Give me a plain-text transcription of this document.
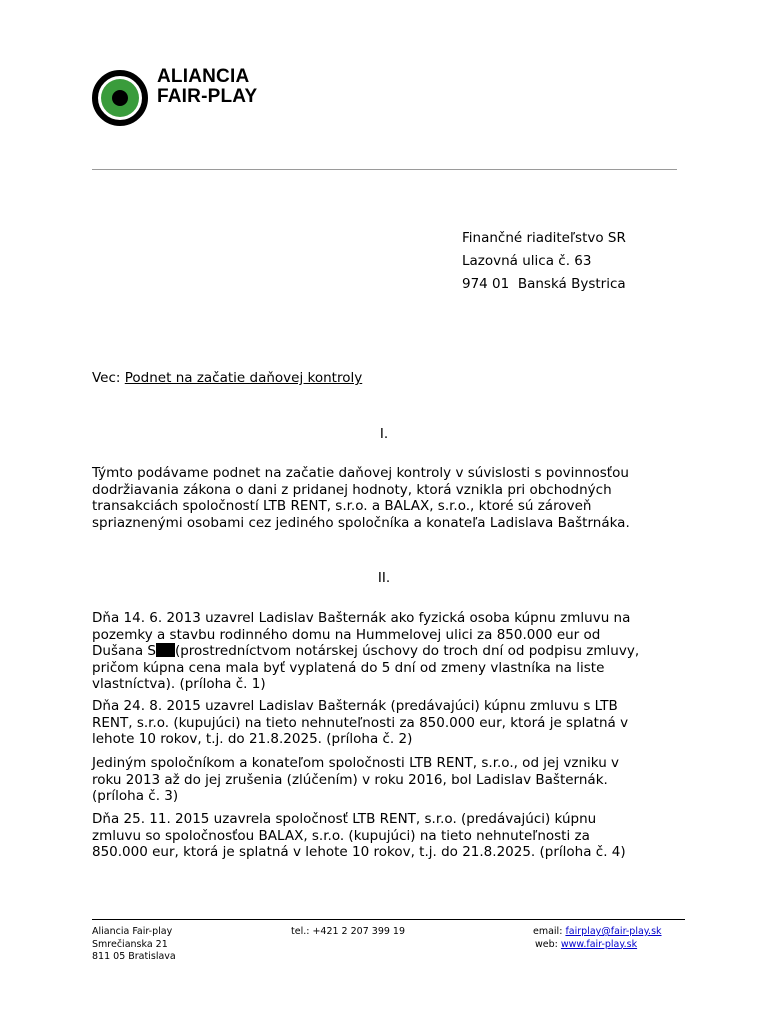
ALIANCIA
FAIR-PLAY
Finančné riaditeľstvo SR
Lazovná ulica č. 63
974 01  Banská Bystrica
Vec: Podnet na začatie daňovej kontroly
I.
Týmto podávame podnet na začatie daňovej kontroly v súvislosti s povinnosťou
dodržiavania zákona o dani z pridanej hodnoty, ktorá vznikla pri obchodných
transakciách spoločností LTB RENT, s.r.o. a BALAX, s.r.o., ktoré sú zároveň
spriaznenými osobami cez jediného spoločníka a konateľa Ladislava Baštrnáka.
II.
Dňa 14. 6. 2013 uzavrel Ladislav Bašternák ako fyzická osoba kúpnu zmluvu na
pozemky a stavbu rodinného domu na Hummelovej ulici za 850.000 eur od
Dušana S (prostredníctvom notárskej úschovy do troch dní od podpisu zmluvy,
pričom kúpna cena mala byť vyplatená do 5 dní od zmeny vlastníka na liste
vlastníctva). (príloha č. 1)
Dňa 24. 8. 2015 uzavrel Ladislav Bašternák (predávajúci) kúpnu zmluvu s LTB
RENT, s.r.o. (kupujúci) na tieto nehnuteľnosti za 850.000 eur, ktorá je splatná v
lehote 10 rokov, t.j. do 21.8.2025. (príloha č. 2)
Jediným spoločníkom a konateľom spoločnosti LTB RENT, s.r.o., od jej vzniku v
roku 2013 až do jej zrušenia (zlúčením) v roku 2016, bol Ladislav Bašternák.
(príloha č. 3)
Dňa 25. 11. 2015 uzavrela spoločnosť LTB RENT, s.r.o. (predávajúci) kúpnu
zmluvu so spoločnosťou BALAX, s.r.o. (kupujúci) na tieto nehnuteľnosti za
850.000 eur, ktorá je splatná v lehote 10 rokov, t.j. do 21.8.2025. (príloha č. 4)
Aliancia Fair-play
Smrečianska 21
811 05 Bratislava
tel.: +421 2 207 399 19	email: fairplay@fair-play.sk
web: www.fair-play.sk
